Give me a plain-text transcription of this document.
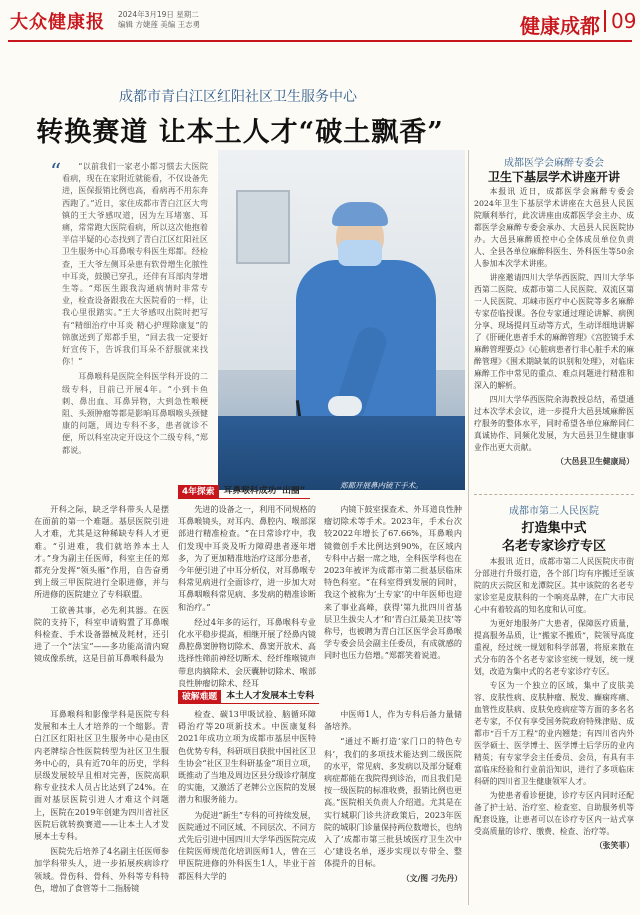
大众健康报 2024年3月19日 星期二
编辑 方婕莲 美编 王志勇	健康成都 09
成都市青白江区红阳社区卫生服务中心
转换赛道 让本土人才“破土飘香”
“	“以前我们一家老小都习惯去大医院看病，现在在家附近就能看，不仅设备先进，医保报销比例也高，看病再不用东奔西跑了。”近日，家住成都市青白江区大弯镇的王大爷感叹道，因为左耳堵塞、耳痛，常常跑大医院看病，所以这次他抱着半信半疑的心态找到了青白江区红阳社区卫生服务中心耳鼻喉专科医生郑都。经检查，王大爷左侧耳朵患有软骨增生化脓性中耳炎，鼓膜已穿孔，还伴有耳部肉芽增生等。“郑医生跟我沟通病情时非常专业，检查设备跟我在大医院看的一样，让我心里很踏实。”王大爷感叹出院时把写有“精细治疗中耳炎 精心护理除康复”的锦旗送到了郑都手里，“回去我一定要好好宣传下，告诉我们耳朵不舒服就来找你！”

耳鼻喉科是医院全科医学科开设的二级专科，目前已开展4年。“小到卡鱼刺、鼻出血、耳鼻异物，大到急性喉梗阻、头颈肿瘤等都是影响耳鼻咽喉头颈健康的问题，周边专科不多，患者就诊不便，所以科室决定开设这个二级专科，”郑都说。

郑都开展鼻内镜下手术。
4年探索	耳鼻喉科成功“出圈”

开科之际，缺乏学科带头人是摆在面前的第一个难题。基层医院引进人才难，尤其是这种稀缺专科人才更难。“引进难，我们就培养本土人才。”身为副主任医师，科室主任的郑都充分发挥“领头雁”作用，自告奋勇到上级三甲医院进行全职进修，并与所进修的医院建立了专科联盟。

工欲善其事，必先利其器。在医院的支持下，科室申请购置了耳鼻喉科检查、手术设备器械及耗材，还引进了一个“法宝”——多功能高清内窥镜成像系统，这是目前耳鼻喉科最为

先进的设备之一，利用不同规格的耳鼻喉镜头，对耳内、鼻腔内、喉部深部进行精准检查。“在日常诊疗中，我们发现中耳炎及听力障碍患者逐年增多，为了更加精准地治疗这部分患者，今年便引进了中耳分析仪，对耳鼻喉专科常见病进行全面诊疗，进一步加大对耳鼻咽喉科常见病、多发病的精准诊断和治疗。”

经过4年多的运行，耳鼻喉科专业化水平稳步提高，相继开展了经鼻内镜鼻腔鼻窦肿物切除术、鼻窦开放术、高选择性筛前神经切断术、经纤维喉镜声带息肉摘除术、会厌囊肿切除术、喉部良性肿瘤切除术、经耳

内镜下鼓室探查术、外耳道良性肿瘤切除术等手术。2023年，手术台次较2022年增长了67.66%，耳鼻喉内镜微创手术比例达到90%，在区域内专科中占据一席之地，全科医学科也在2023年被评为成都市第二批基层临床特色科室。“在科室得到发展的同时，我这个被称为‘土专家’的中年医师也迎来了事业高峰，获得‘第九批四川省基层卫生拔尖人才’和‘青白江最美卫技’等称号，也被聘为青白江区医学会耳鼻喉学专委会员会副主任委员，有成就感的同时也压力倍增。”郑都笑着说道。

破解难题	本土人才发展本土专科

耳鼻喉科和影像学科是医院专科发展和本土人才培养的一个缩影。青白江区红阳社区卫生服务中心是由区内老牌综合性医院转型为社区卫生服务中心的，具有近70年的历史，学科层级发展较早且相对完善，医院高职称专业技术人员占比达到了24%。在面对基层医院引进人才难这个问题上，医院在2019年创建为四川省社区医院后就转换赛道——让本土人才发展本土专科。

医院先后培养了4名副主任医师参加学科带头人，进一步拓展疾病诊疗领域。骨伤科、骨科、外科等专科特色，增加了食管等十二指肠镜

检查、碳13甲吸试验、脑循环障碍治疗等20项新技术。中医康复科2021年成功立项为成都市基层中医特色优势专科，科研项目获批中国社区卫生协会“社区卫生科研基金”项目立项，既推动了当地及周边区县分级诊疗制度的实施，又激活了老牌公立医院的发展潜力和服务能力。

为促进“新生”专科的可持续发展，医院通过不同区域、不同层次、不同方式先后引进中国四川大学华西医院完成住院医师规范化培训医师1人，曾在三甲医院进修的外科医生1人，毕业于首都医科大学的

中医师1人，作为专科后备力量储备培养。

“通过不断打造‘家门口的特色专科’，我们的多项技术能达到二级医院的水平，常见病、多发病以及部分疑难病症都能在我院得到诊治，而且我们是按一级医院的标准收费，报销比例也更高。”医院相关负责人介绍道。尤其是在实行城职门诊共济政策后，2023年医院的城职门诊量保持两位数增长，也纳入了‘成都市第三批县域医疗卫生次中心’建设名单，逐步实现以专带全、整体提升的目标。

（文/图 刁先丹）
成都医学会麻醉专委会
卫生下基层学术讲座开讲

本报讯 近日，成都医学会麻醉专委会2024年卫生下基层学术讲座在大邑县人民医院顺利举行，此次讲座由成都医学会主办、成都医学会麻醉专委会承办、大邑县人民医院协办。大邑县麻醉质控中心全体成员单位负责人、全县各单位麻醉科医生、外科医生等50余人参加本次学术讲座。

讲座邀请四川大学华西医院、四川大学华西第二医院、成都市第二人民医院、双流区第一人民医院、邛崃市医疗中心医院等多名麻醉专家莅临授课。各位专家通过理论讲解、病例分享、现场提问互动等方式，生动详细地讲解了《肝硬化患者手术的麻醉管理》《宫腔镜手术麻醉管理要点》《心脏病患者行非心脏手术的麻醉管理》《围术期缺氧的识别和处理》，对临床麻醉工作中常见的重点、难点问题进行精准和深入的解析。

四川大学华西医院余海教授总结，希望通过本次学术会议，进一步提升大邑县域麻醉医疗服务的整体水平，同时希望各单位麻醉同仁真诚协作、同频化发展，为大邑县卫生健康事业作出更大贡献。

（大邑县卫生健康局）
成都市第二人民医院
打造集中式
名老专家诊疗专区

本报讯 近日，成都市第二人民医院庆市街分部进行升级打造，各个部门均有序搬迁至该院的庆云院区和龙潭院区。其中该院的名老专家诊室是皮肤科的一个响亮品牌，在广大市民心中有着较高的知名度和认可度。

为更好地服务广大患者，保障医疗质量，提高服务品质，让“搬家不搬质”，院领导高度重视，经过统一规划和科学部署，将原来散在式分布的各个名老专家诊室统一规划，统一规划，改造为集中式的名老专家诊疗专区。

专区为一个独立的区域，集中了皮肤美容、皮肤性病、皮肤肿瘤、脱发、癫痫疼痛、血管性皮肤病、皮肤免疫病症等方面的多名名老专家，不仅有享受国务院政府特殊津贴、成都市“百千万工程”的业内翘楚；有四川省内外医学硕士、医学博士、医学博士后学历的业内精英；有专家学会主任委员、会员，有具有丰富临床经验和行业前沿知识，进行了多项临床科研的四川省卫生健康领军人才。

为使患者看诊便捷，诊疗专区内同时还配备了护士站、治疗室、检查室、自助服务机等配套设施，让患者可以在诊疗专区内一站式享受高质量的诊疗、缴费、检查、治疗等。

（张笑菲）
